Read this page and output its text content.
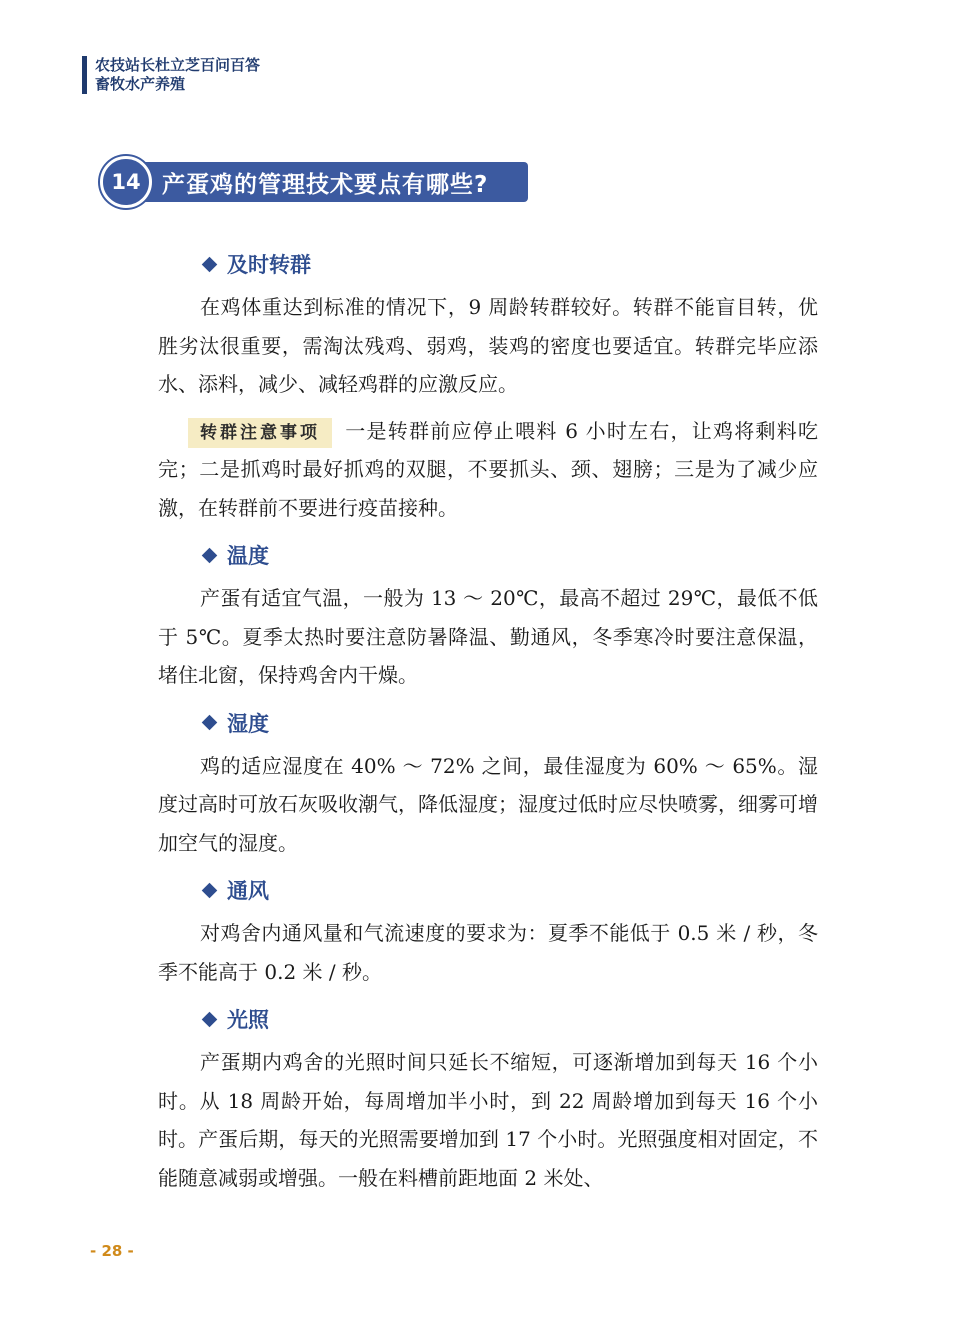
农技站长杜立芝百问百答
畜牧水产养殖
14 产蛋鸡的管理技术要点有哪些?
及时转群

在鸡体重达到标准的情况下，9 周龄转群较好。转群不能盲目转，优胜劣汰很重要，需淘汰残鸡、弱鸡，装鸡的密度也要适宜。转群完毕应添水、添料，减少、减轻鸡群的应激反应。

转群注意事项 一是转群前应停止喂料 6 小时左右，让鸡将剩料吃完；二是抓鸡时最好抓鸡的双腿，不要抓头、颈、翅膀；三是为了减少应激，在转群前不要进行疫苗接种。

温度

产蛋有适宜气温，一般为 13 ～ 20℃，最高不超过 29℃，最低不低于 5℃。夏季太热时要注意防暑降温、勤通风，冬季寒冷时要注意保温，堵住北窗，保持鸡舍内干燥。

湿度

鸡的适应湿度在 40% ～ 72% 之间，最佳湿度为 60% ～ 65%。湿度过高时可放石灰吸收潮气，降低湿度；湿度过低时应尽快喷雾，细雾可增加空气的湿度。

通风

对鸡舍内通风量和气流速度的要求为：夏季不能低于 0.5 米 / 秒，冬季不能高于 0.2 米 / 秒。

光照

产蛋期内鸡舍的光照时间只延长不缩短，可逐渐增加到每天 16 个小时。从 18 周龄开始，每周增加半小时，到 22 周龄增加到每天 16 个小时。产蛋后期，每天的光照需要增加到 17 个小时。光照强度相对固定，不能随意减弱或增强。一般在料槽前距地面 2 米处、

- 28 -
